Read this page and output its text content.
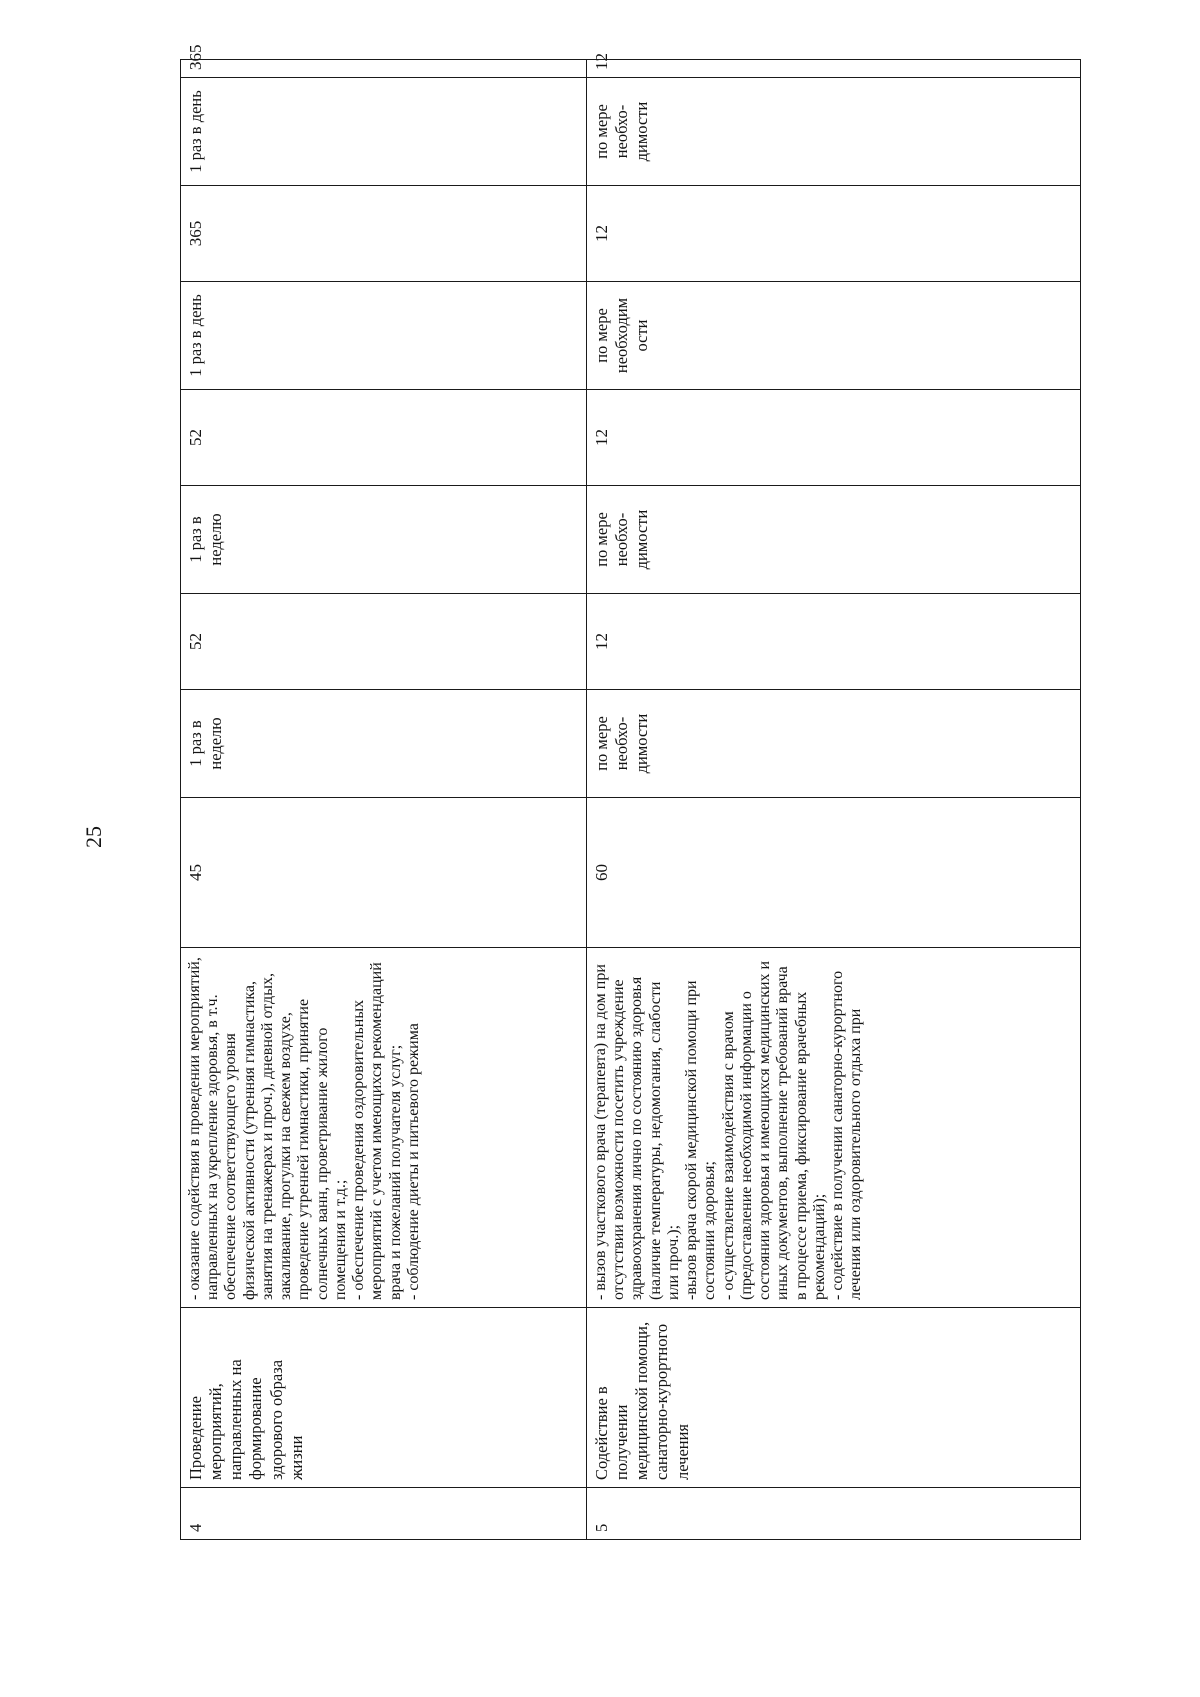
25
4	Проведение мероприятий, направленных на формирование здорового образа жизни	- оказание содействия в проведении мероприятий, направленных на укрепление здоровья, в т.ч. обеспечение соответствующего уровня физической активности (утренняя гимнастика, занятия на тренажерах и проч.), дневной отдых, закаливание, прогулки на свежем воздухе, проведение утренней гимнастики, принятие солнечных ванн, проветривание жилого помещения и т.д.;
- обеспечение проведения оздоровительных мероприятий с учетом имеющихся рекомендаций врача и пожеланий получателя услуг;
- соблюдение диеты и питьевого режима	45	1 раз в неделю	52	1 раз в неделю	52	1 раз в день	365	1 раз в день	365
5	Содействие в получении медицинской помощи, санаторно-курортного лечения	- вызов участкового врача (терапевта) на дом при отсутствии возможности посетить учреждение здравоохранения лично по состоянию здоровья (наличие температуры, недомогания, слабости или проч.);
-вызов врача скорой медицинской помощи при состоянии здоровья;
- осуществление взаимодействия с врачом (предоставление необходимой информации о состоянии здоровья и имеющихся медицинских и иных документов, выполнение требований врача в процессе приема, фиксирование врачебных рекомендаций);
- содействие в получении санаторно-курортного лечения или оздоровительного отдыха при	60	по мере необхо-димости	12	по мере необхо-димости	12	по мере необходим ости	12	по мере необхо-димости	12
